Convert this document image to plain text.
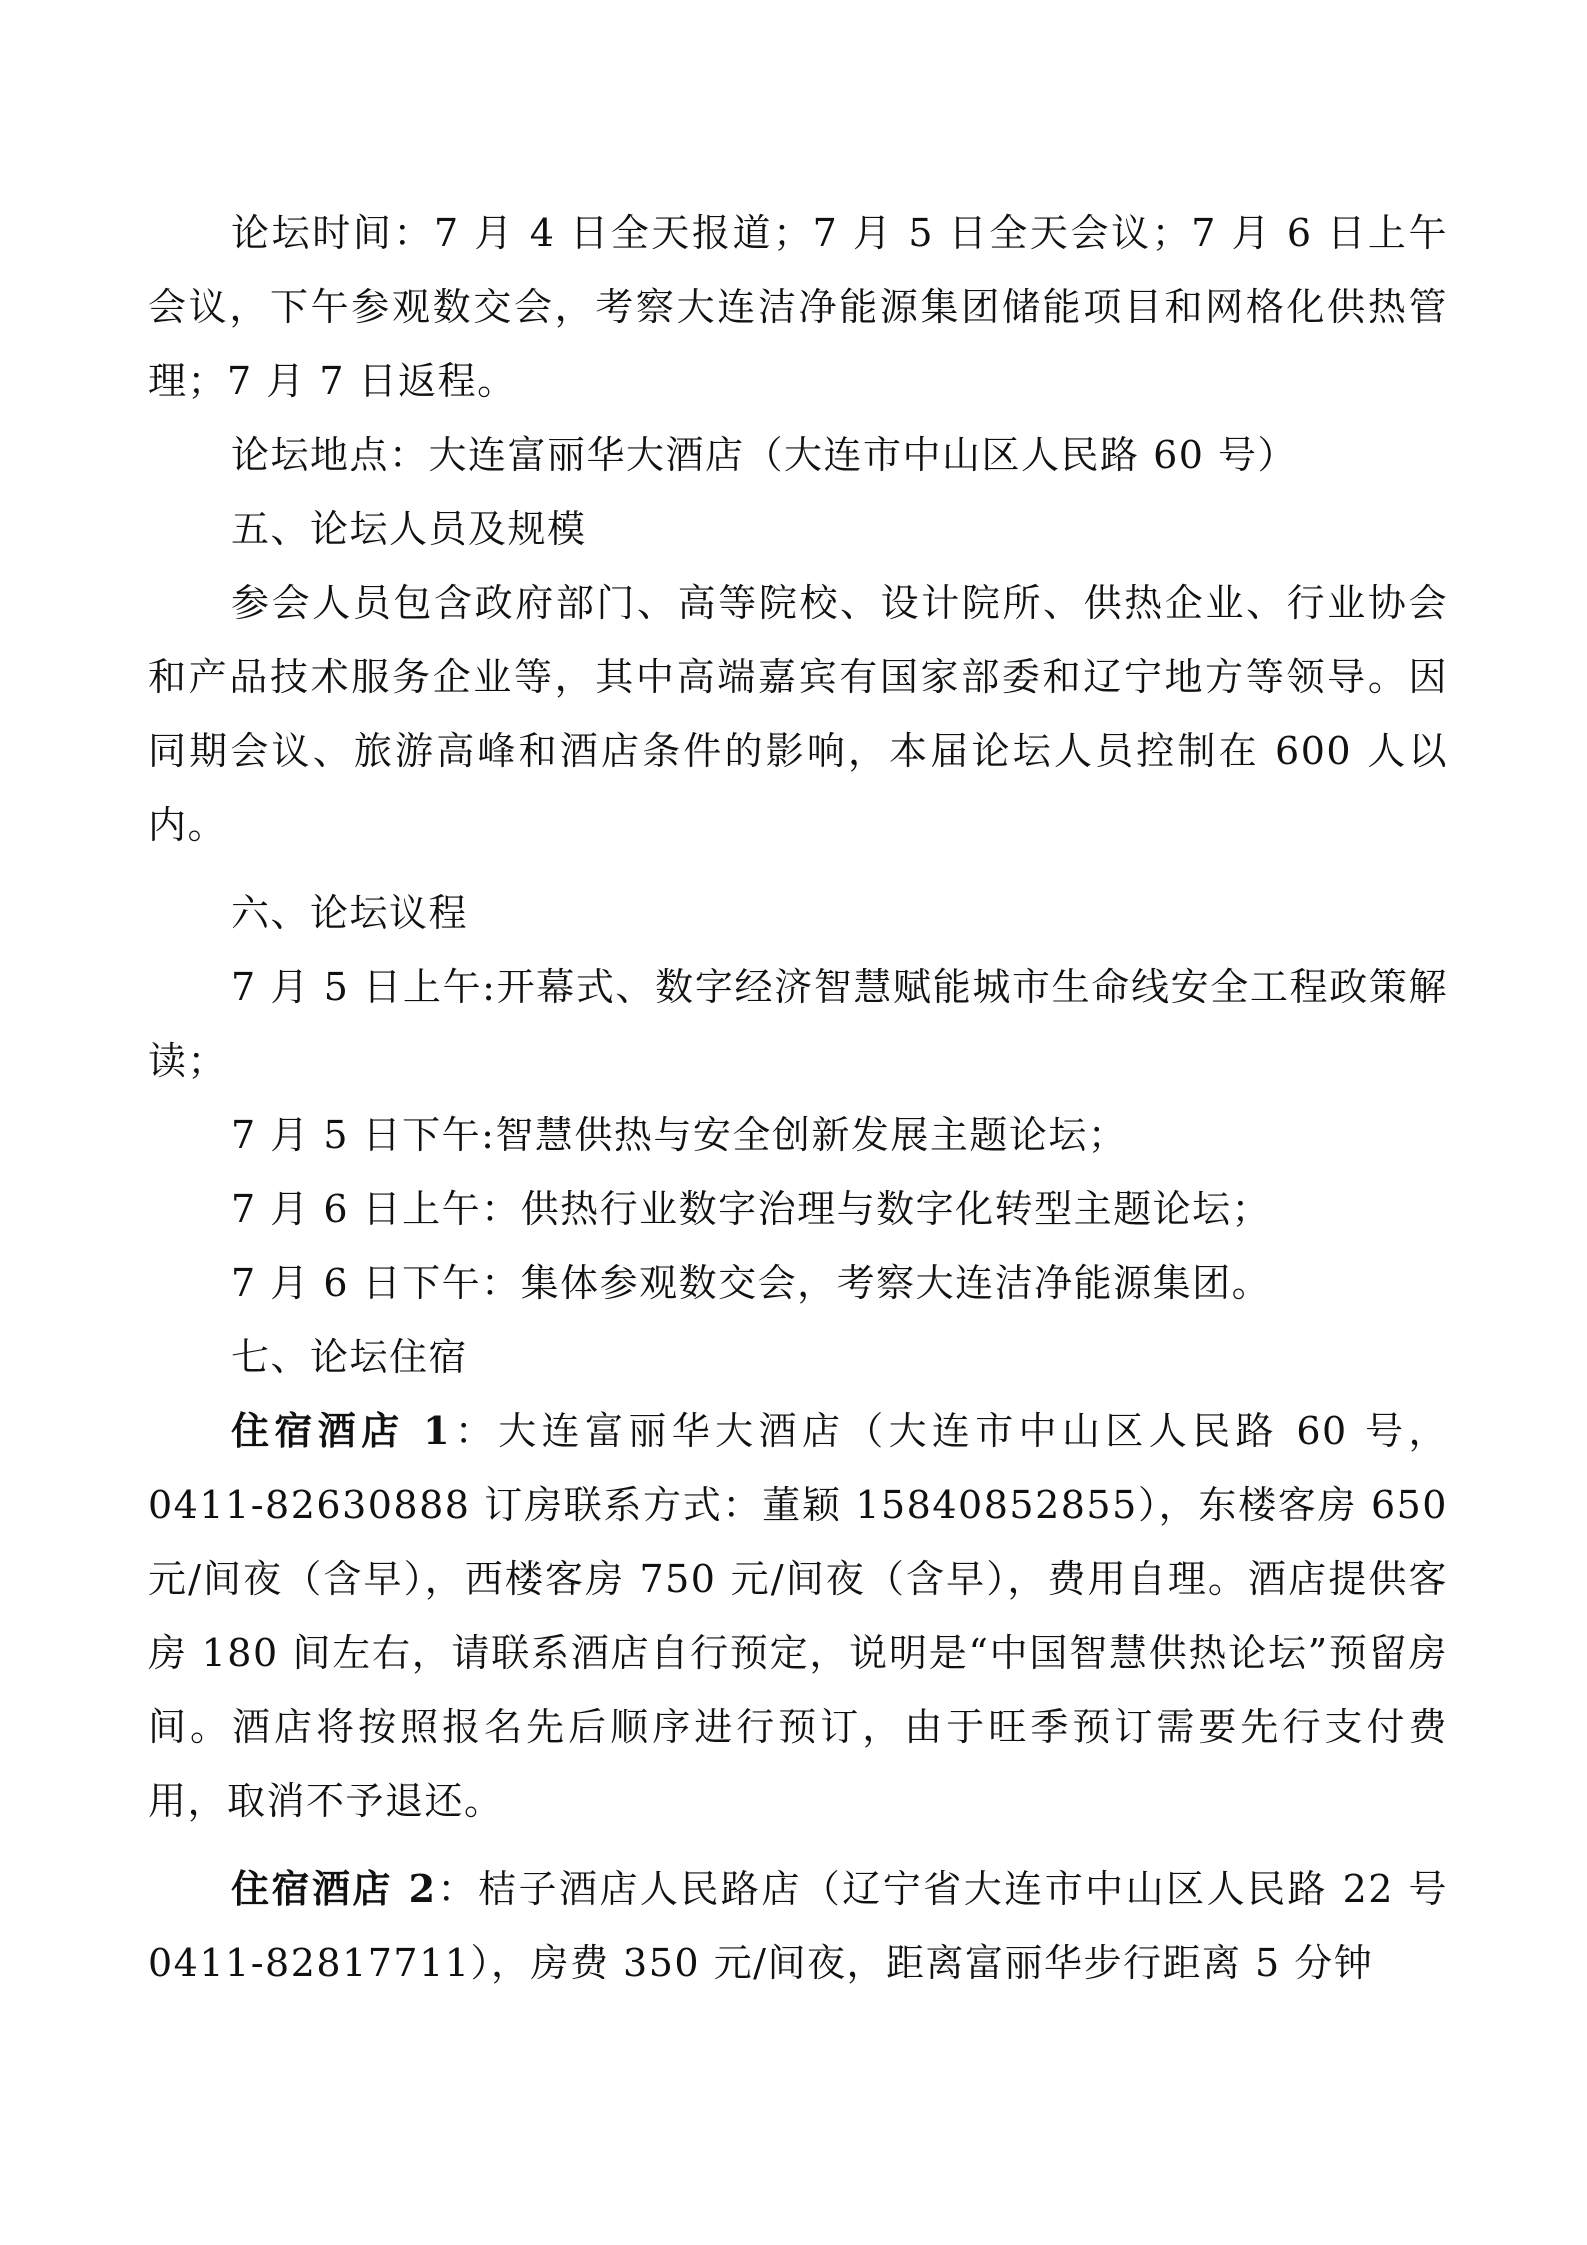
论坛时间：7 月 4 日全天报道；7 月 5 日全天会议；7 月 6 日上午会议，下午参观数交会，考察大连洁净能源集团储能项目和网格化供热管理；7 月 7 日返程。

论坛地点：大连富丽华大酒店（大连市中山区人民路 60 号）

五、论坛人员及规模

参会人员包含政府部门、高等院校、设计院所、供热企业、行业协会和产品技术服务企业等，其中高端嘉宾有国家部委和辽宁地方等领导。因同期会议、旅游高峰和酒店条件的影响，本届论坛人员控制在 600 人以内。

六、论坛议程

7 月 5 日上午:开幕式、数字经济智慧赋能城市生命线安全工程政策解读；

7 月 5 日下午:智慧供热与安全创新发展主题论坛；

7 月 6 日上午：供热行业数字治理与数字化转型主题论坛；

7 月 6 日下午：集体参观数交会，考察大连洁净能源集团。

七、论坛住宿

住宿酒店 1：大连富丽华大酒店（大连市中山区人民路 60 号，0411-82630888 订房联系方式：董颖 15840852855），东楼客房 650 元/间夜（含早），西楼客房 750 元/间夜（含早），费用自理。酒店提供客房 180 间左右，请联系酒店自行预定，说明是“中国智慧供热论坛”预留房间。酒店将按照报名先后顺序进行预订，由于旺季预订需要先行支付费用，取消不予退还。

住宿酒店 2：桔子酒店人民路店（辽宁省大连市中山区人民路 22 号 0411-82817711），房费 350 元/间夜，距离富丽华步行距离 5 分钟
